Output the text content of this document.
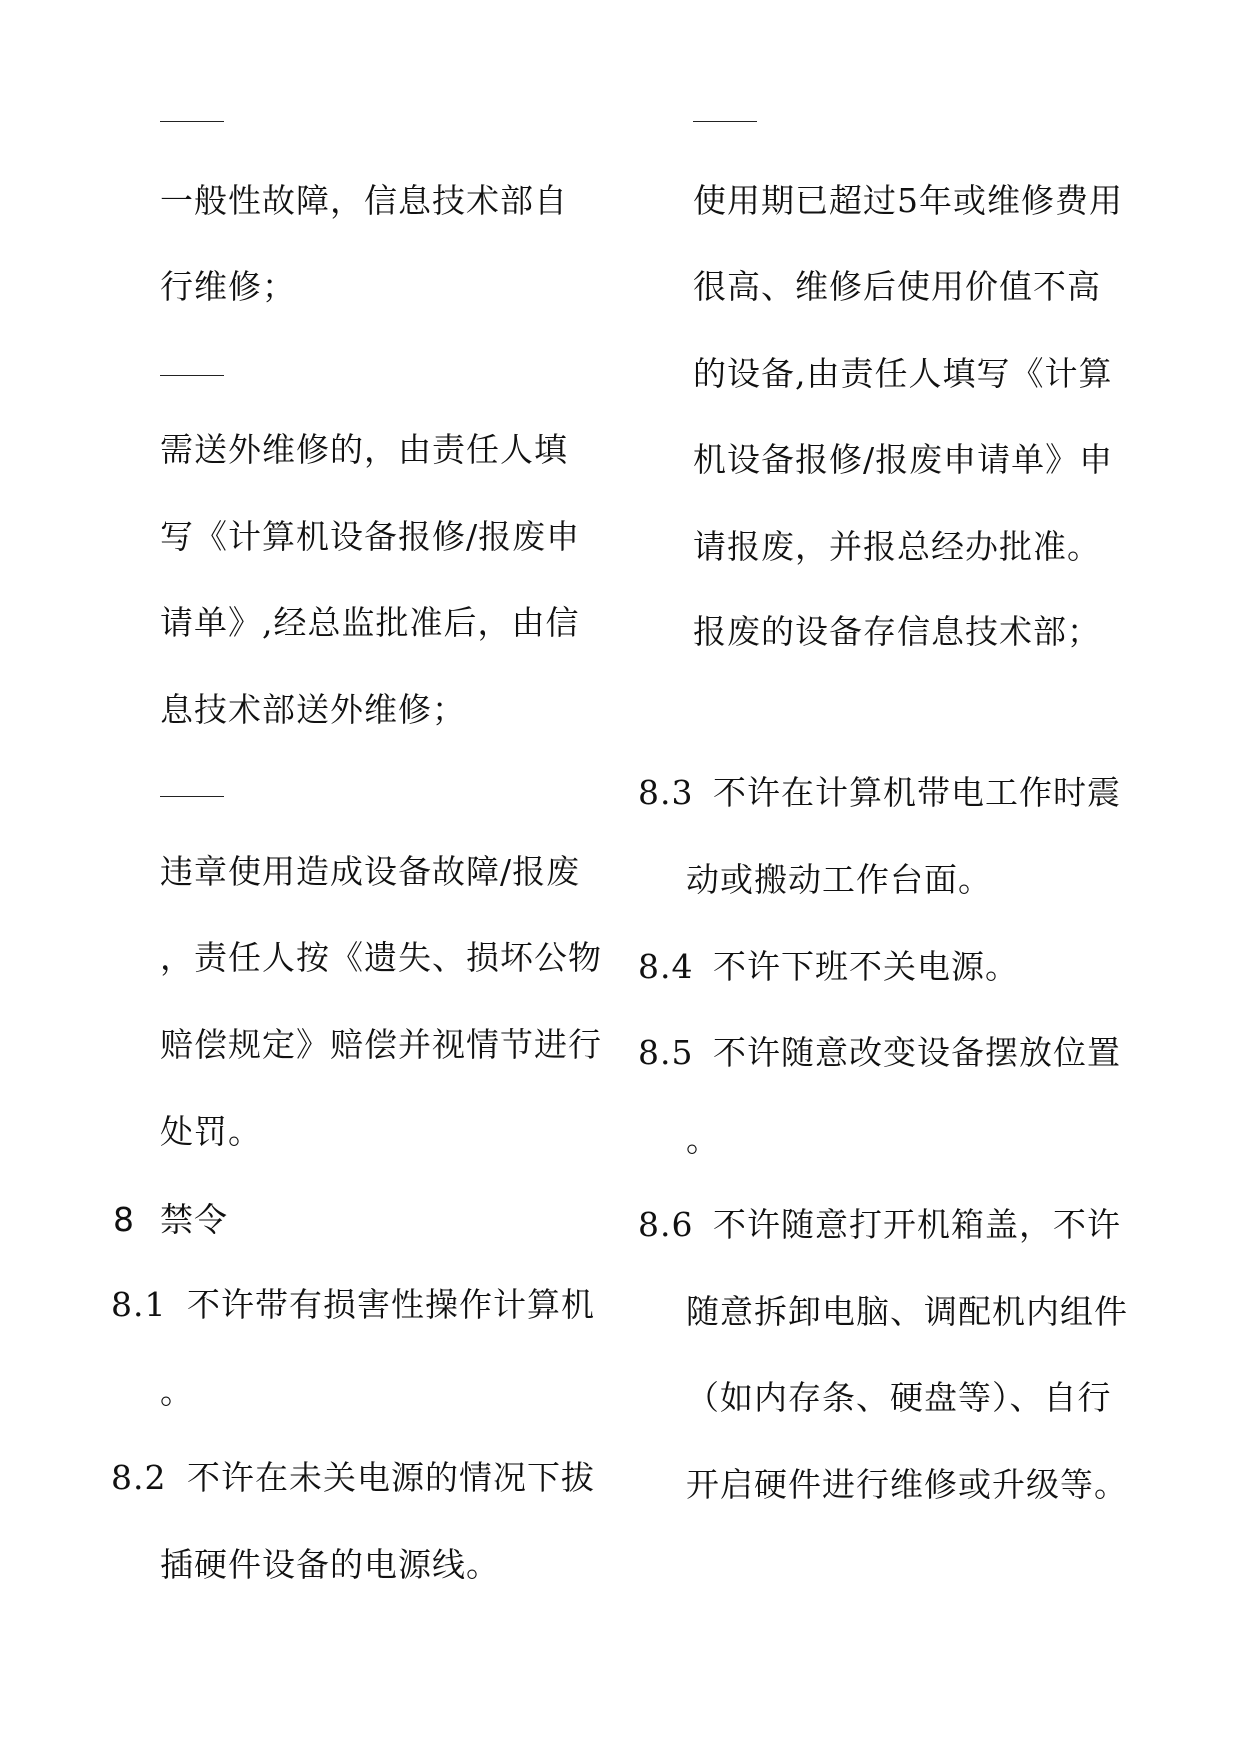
一般性故障，信息技术部自
行维修；
需送外维修的，由责任人填
写《计算机设备报修/报废申
请单》,经总监批准后，由信
息技术部送外维修；
违章使用造成设备故障/报废
，责任人按《遗失、损坏公物
赔偿规定》赔偿并视情节进行
处罚。
8 禁令
8.1 不许带有损害性操作计算机
。
8.2 不许在未关电源的情况下拔
插硬件设备的电源线。
使用期已超过5年或维修费用
很高、维修后使用价值不高
的设备,由责任人填写《计算
机设备报修/报废申请单》申
请报废，并报总经办批准。
报废的设备存信息技术部；
8.3 不许在计算机带电工作时震
动或搬动工作台面。
8.4 不许下班不关电源。
8.5 不许随意改变设备摆放位置
。
8.6 不许随意打开机箱盖，不许
随意拆卸电脑、调配机内组件
（如内存条、硬盘等）、自行
开启硬件进行维修或升级等。
